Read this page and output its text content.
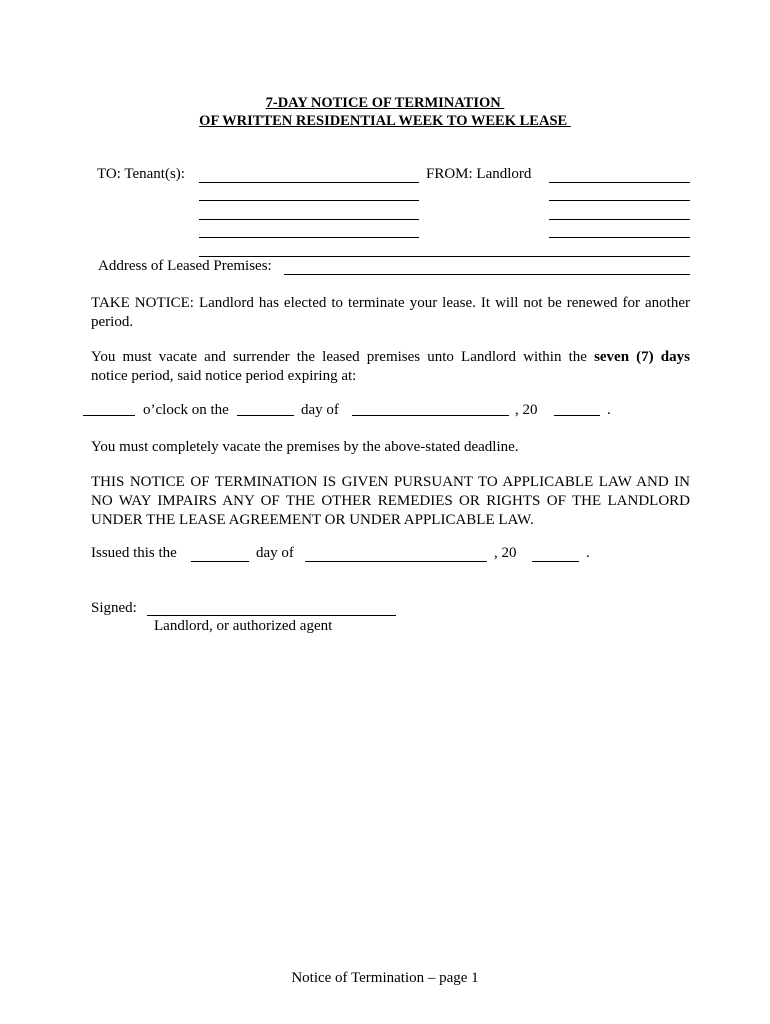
7-DAY NOTICE OF TERMINATION
OF WRITTEN RESIDENTIAL WEEK TO WEEK LEASE
TO: Tenant(s):	FROM: Landlord
Address of Leased Premises:
TAKE NOTICE: Landlord has elected to terminate your lease. It will not be renewed for another period.
You must vacate and surrender the leased premises unto Landlord within the seven (7) days
notice period, said notice period expiring at:
o’clock on the	day of	, 20	.
You must completely vacate the premises by the above-stated deadline.
THIS NOTICE OF TERMINATION IS GIVEN PURSUANT TO APPLICABLE LAW AND IN NO WAY IMPAIRS ANY OF THE OTHER REMEDIES OR RIGHTS OF THE LANDLORD UNDER THE LEASE AGREEMENT OR UNDER APPLICABLE LAW.
Issued this the	day of	, 20	.
Signed:
Landlord, or authorized agent
Notice of Termination – page 1
